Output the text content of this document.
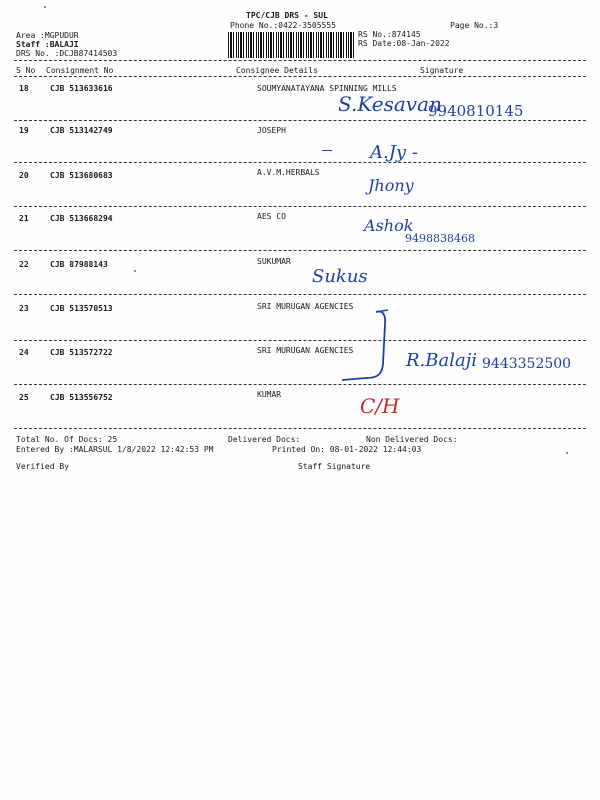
TPC/CJB DRS - SUL
Phone No.:0422-3505555	Page No.:3
Area :MGPUDUR
Staff :BALAJI
DRS No. :DCJB87414503
RS No.:874145
RS Date:08-Jan-2022
S No Consignment No	Consignee Details	Signature
18	CJB 513633616	SOUMYANATAYANA SPINNING MILLS
S.Kesavan
9940810145
19	CJB 513142749	JOSEPH
A.Jy -
20	CJB 513680683	A.V.M.HERBALS
Jhony
21	CJB 513668294	AES CO	Ashok
9498838468
22	CJB 87988143	SUKUMAR
Sukus
23	CJB 513570513	SRI MURUGAN AGENCIES
24	CJB 513572722	SRI MURUGAN AGENCIES	R.Balaji 9443352500
25	CJB 513556752	KUMAR	C/H
Total No. Of Docs: 25	Delivered Docs:	Non Delivered Docs:
Entered By :MALARSUL 1/8/2022 12:42:53 PM	Printed On: 08-01-2022 12:44:03
Verified By	Staff Signature
